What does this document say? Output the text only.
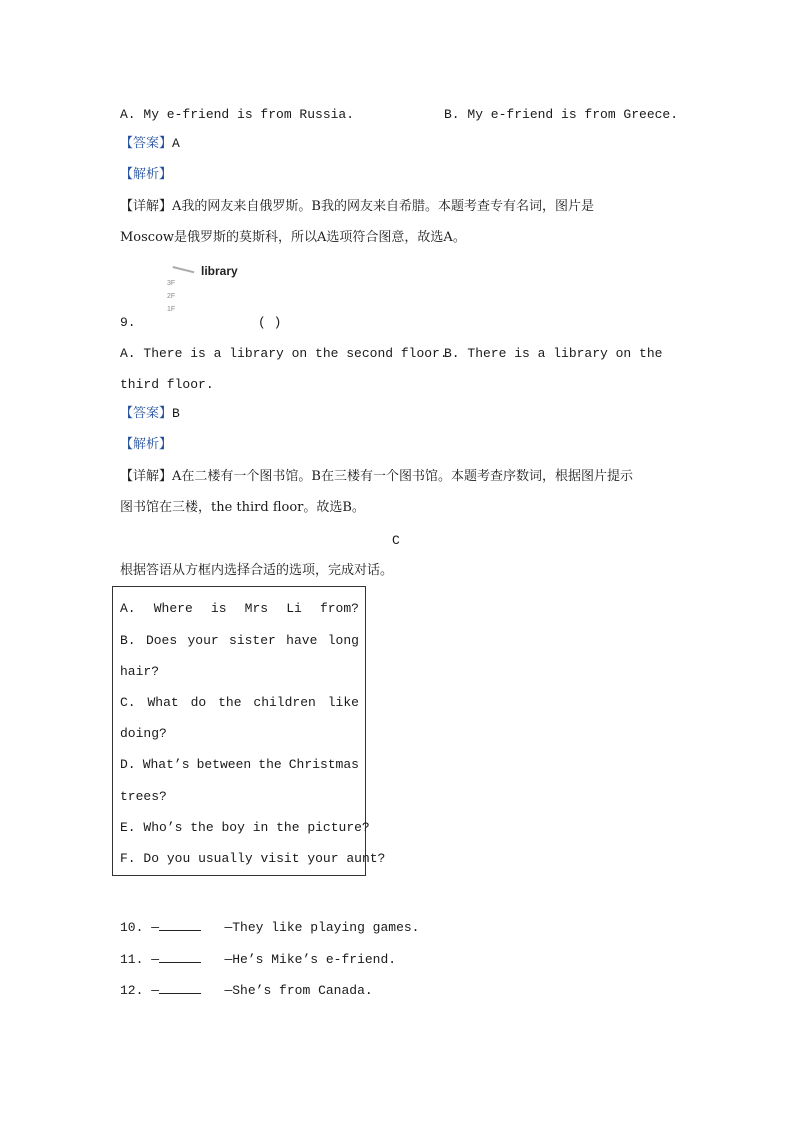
A. My e-friend is from Russia.	B. My e-friend is from Greece.
【答案】A
【解析】
【详解】A我的网友来自俄罗斯。B我的网友来自希腊。本题考查专有名词，图片是
Moscow是俄罗斯的莫斯科，所以A选项符合图意，故选A。
library
3F
2F
1F
9.	( )
A. There is a library on the second floor.
B. There is a library on the
third floor.
【答案】B
【解析】
【详解】A在二楼有一个图书馆。B在三楼有一个图书馆。本题考查序数词，根据图片提示
图书馆在三楼，the third floor。故选B。
C
根据答语从方框内选择合适的选项，完成对话。
A. Where is Mrs Li from?
B. Does your sister have long
hair?
C. What do the children like
doing?
D. What’s between the Christmas
trees?
E. Who’s the boy in the picture?
F. Do you usually visit your aunt?
10. —	—They like playing games.
11. —	—He’s Mike’s e-friend.
12. —	—She’s from Canada.
